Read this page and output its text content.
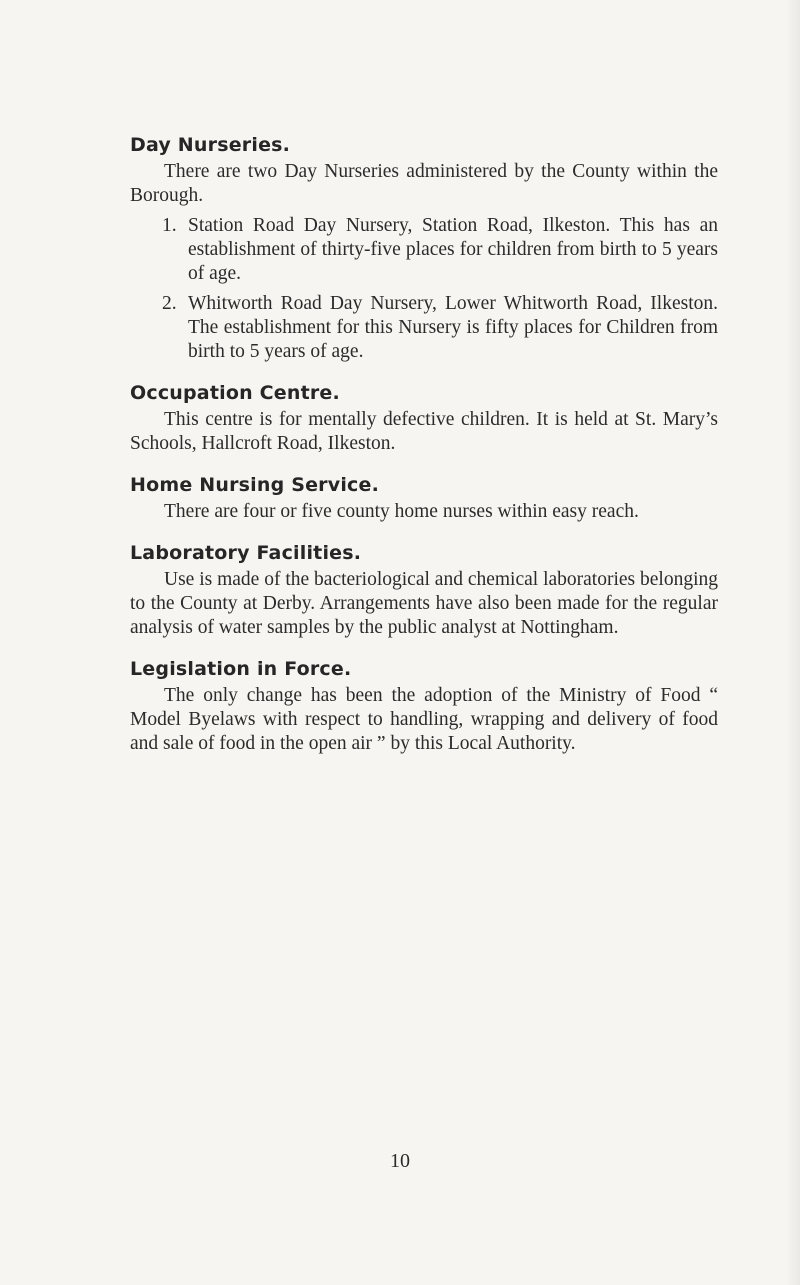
Day Nurseries.

There are two Day Nurseries administered by the County within the Borough.

1. Station Road Day Nursery, Station Road, Ilkeston. This has an establishment of thirty-five places for children from birth to 5 years of age.
2. Whitworth Road Day Nursery, Lower Whitworth Road, Ilkeston. The establishment for this Nursery is fifty places for Children from birth to 5 years of age.
Occupation Centre.

This centre is for mentally defective children. It is held at St. Mary’s Schools, Hallcroft Road, Ilkeston.

Home Nursing Service.

There are four or five county home nurses within easy reach.

Laboratory Facilities.

Use is made of the bacteriological and chemical laboratories belonging to the County at Derby. Arrangements have also been made for the regular analysis of water samples by the public analyst at Nottingham.

Legislation in Force.

The only change has been the adoption of the Ministry of Food “ Model Byelaws with respect to handling, wrapping and delivery of food and sale of food in the open air ” by this Local Authority.

10
